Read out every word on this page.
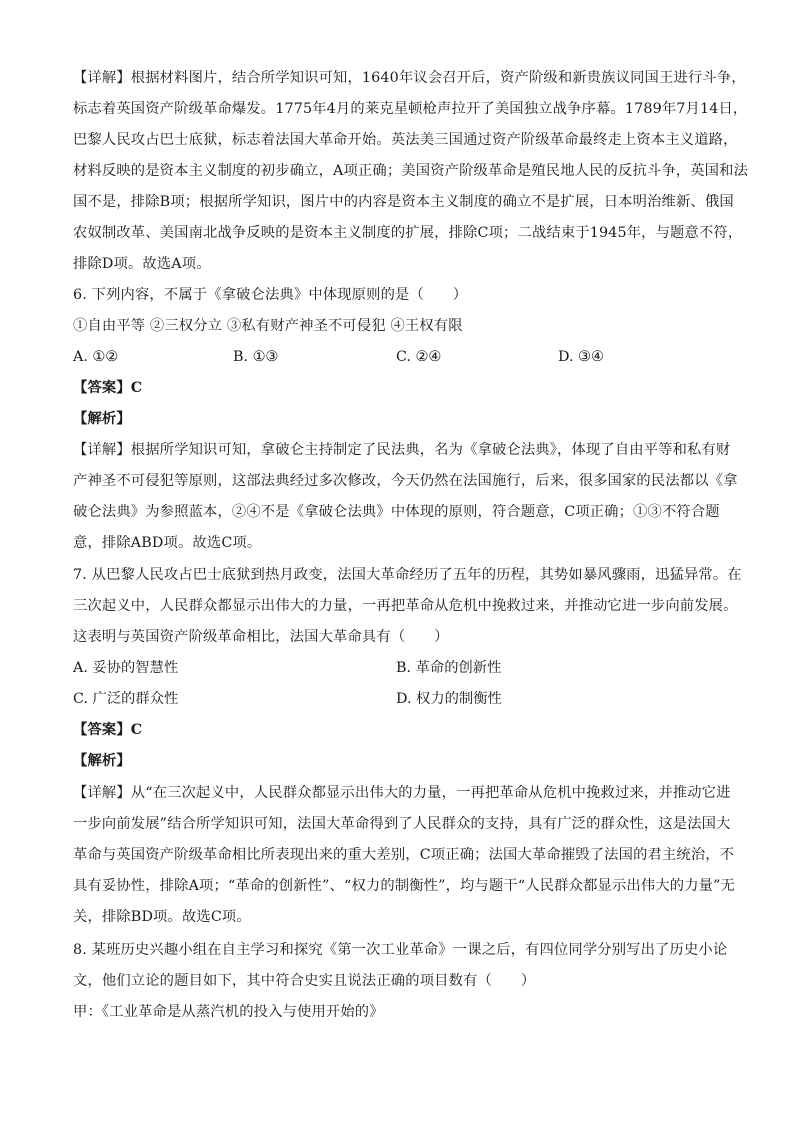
【详解】根据材料图片，结合所学知识可知，1640年议会召开后，资产阶级和新贵族议同国王进行斗争，
标志着英国资产阶级革命爆发。1775年4月的莱克星顿枪声拉开了美国独立战争序幕。1789年7月14日，
巴黎人民攻占巴士底狱，标志着法国大革命开始。英法美三国通过资产阶级革命最终走上资本主义道路，
材料反映的是资本主义制度的初步确立，A项正确；美国资产阶级革命是殖民地人民的反抗斗争，英国和法
国不是，排除B项；根据所学知识，图片中的内容是资本主义制度的确立不是扩展，日本明治维新、俄国
农奴制改革、美国南北战争反映的是资本主义制度的扩展，排除C项；二战结束于1945年，与题意不符，
排除D项。故选A项。
6. 下列内容，不属于《拿破仑法典》中体现原则的是（　　）
①自由平等 ②三权分立 ③私有财产神圣不可侵犯 ④王权有限
A. ①②	B. ①③	C. ②④	D. ③④
【答案】C
【解析】
【详解】根据所学知识可知，拿破仑主持制定了民法典，名为《拿破仑法典》，体现了自由平等和私有财
产神圣不可侵犯等原则，这部法典经过多次修改，今天仍然在法国施行，后来，很多国家的民法都以《拿
破仑法典》为参照蓝本，②④不是《拿破仑法典》中体现的原则，符合题意，C项正确；①③不符合题
意，排除ABD项。故选C项。
7. 从巴黎人民攻占巴士底狱到热月政变，法国大革命经历了五年的历程，其势如暴风骤雨，迅猛异常。在
三次起义中，人民群众都显示出伟大的力量，一再把革命从危机中挽救过来，并推动它进一步向前发展。
这表明与英国资产阶级革命相比，法国大革命具有（　　）
A. 妥协的智慧性	B. 革命的创新性
C. 广泛的群众性	D. 权力的制衡性
【答案】C
【解析】
【详解】从“在三次起义中，人民群众都显示出伟大的力量，一再把革命从危机中挽救过来，并推动它进
一步向前发展”结合所学知识可知，法国大革命得到了人民群众的支持，具有广泛的群众性，这是法国大
革命与英国资产阶级革命相比所表现出来的重大差别，C项正确；法国大革命摧毁了法国的君主统治，不
具有妥协性，排除A项；“革命的创新性”、“权力的制衡性”，均与题干“人民群众都显示出伟大的力量”无
关，排除BD项。故选C项。
8. 某班历史兴趣小组在自主学习和探究《第一次工业革命》一课之后，有四位同学分别写出了历史小论
文，他们立论的题目如下，其中符合史实且说法正确的项目数有（　　）
甲：《工业革命是从蒸汽机的投入与使用开始的》
